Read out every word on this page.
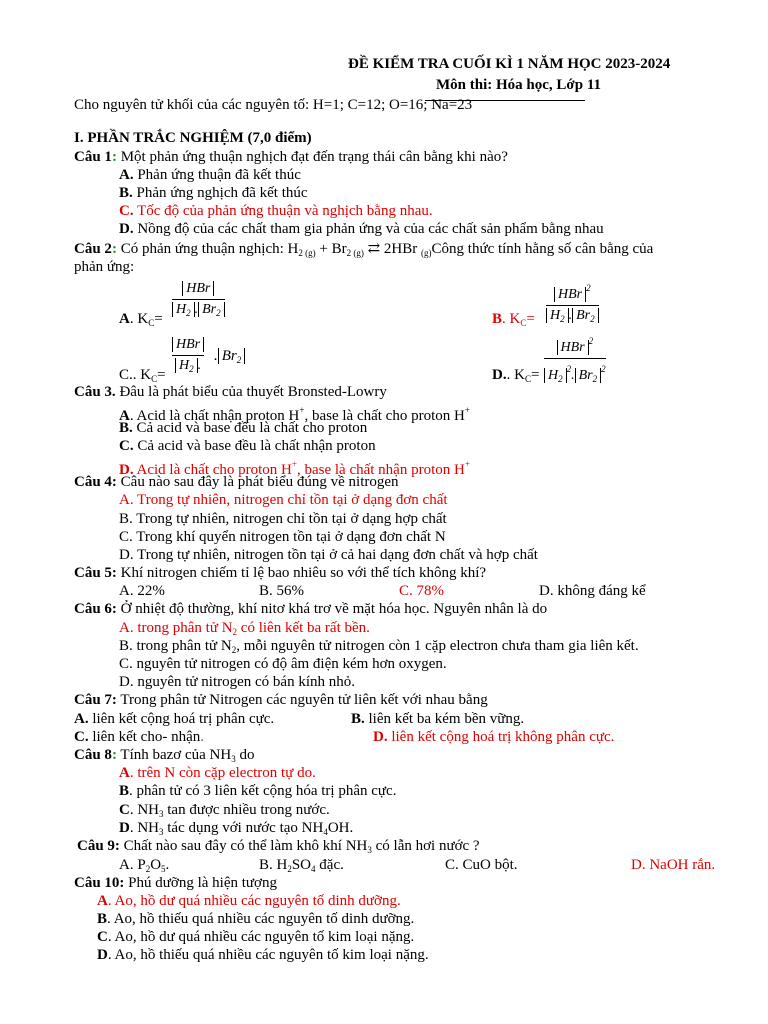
ĐỀ KIỂM TRA CUỐI KÌ 1 NĂM HỌC 2023-2024
Môn thi: Hóa học, Lớp 11
Cho nguyên tử khối của các nguyên tố: H=1; C=12; O=16; Na=23
I. PHẦN TRẮC NGHIỆM (7,0 điểm)
Câu 1: Một phản ứng thuận nghịch đạt đến trạng thái cân bằng khi nào?
A. Phản ứng thuận đã kết thúc
B. Phản ứng nghịch đã kết thúc
C. Tốc độ của phản ứng thuận và nghịch bằng nhau.
D. Nồng độ của các chất tham gia phản ứng và của các chất sản phẩm bằng nhau
Câu 2: Có phản ứng thuận nghịch: $H_{2 (g)} + Br_{2 (g)}$ ⇄ 2HBr $_{(g)}$Công thức tính hằng số cân bằng của
phản ứng:
A. $K_C=$
HBr
$H_2$ . $Br_2$	B. $K_C=$
HBr $^2$
$H_2$ . $Br_2$
C.. $K_C=$
HBr
$H_2$ .
. $Br_2$
D.. $K_C=$
HBr $^2$
$H_2^2$. $Br_2^2$
Câu 3. Đâu là phát biểu của thuyết Bronsted-Lowry
A. Acid là chất nhận proton H+, base là chất cho proton H+
B. Cả acid và base đều là chất cho proton
C. Cả acid và base đều là chất nhận proton
D. Acid là chất cho proton H+, base là chất nhận proton H+
Câu 4: Câu nào sau đây là phát biểu đúng về nitrogen
A. Trong tự nhiên, nitrogen chỉ tồn tại ở dạng đơn chất
B. Trong tự nhiên, nitrogen chỉ tồn tại ở dạng hợp chất
C. Trong khí quyển nitrogen tồn tại ở dạng đơn chất N
D. Trong tự nhiên, nitrogen tồn tại ở cả hai dạng đơn chất và hợp chất
Câu 5: Khí nitrogen chiếm tỉ lệ bao nhiêu so với thể tích không khí?
A. 22%	B. 56%	C. 78%	D. không đáng kể
Câu 6: Ở nhiệt độ thường, khí nitơ khá trơ về mặt hóa học. Nguyên nhân là do
A. trong phân tử $N_2$ có liên kết ba rất bền.
B. trong phân tử $N_2$, mỗi nguyên tử nitrogen còn 1 cặp electron chưa tham gia liên kết.
C. nguyên tử nitrogen có độ âm điện kém hơn oxygen.
D. nguyên tử nitrogen có bán kính nhỏ.
Câu 7: Trong phân tử Nitrogen các nguyên tử liên kết với nhau bằng
A. liên kết cộng hoá trị phân cực.	B. liên kết ba kém bền vững.
C. liên kết cho- nhận.	D. liên kết cộng hoá trị không phân cực.
Câu 8: Tính bazơ của $NH_3$ do
A. trên N còn cặp electron tự do.
B. phân tử có 3 liên kết cộng hóa trị phân cực.
C. $NH_3$ tan được nhiều trong nước.
D. $NH_3$ tác dụng với nước tạo $NH_4OH$.
Câu 9: Chất nào sau đây có thể làm khô khí $NH_3$ có lẫn hơi nước ?
A. $P_2O_5$.	B. $H_2SO_4$ đặc.	C. CuO bột.	D. NaOH rắn.
Câu 10: Phú dưỡng là hiện tượng
A. Ao, hồ dư quá nhiều các nguyên tố dinh dưỡng.
B. Ao, hồ thiếu quá nhiều các nguyên tố dinh dưỡng.
C. Ao, hồ dư quá nhiều các nguyên tố kim loại nặng.
D. Ao, hồ thiếu quá nhiều các nguyên tố kim loại nặng.
